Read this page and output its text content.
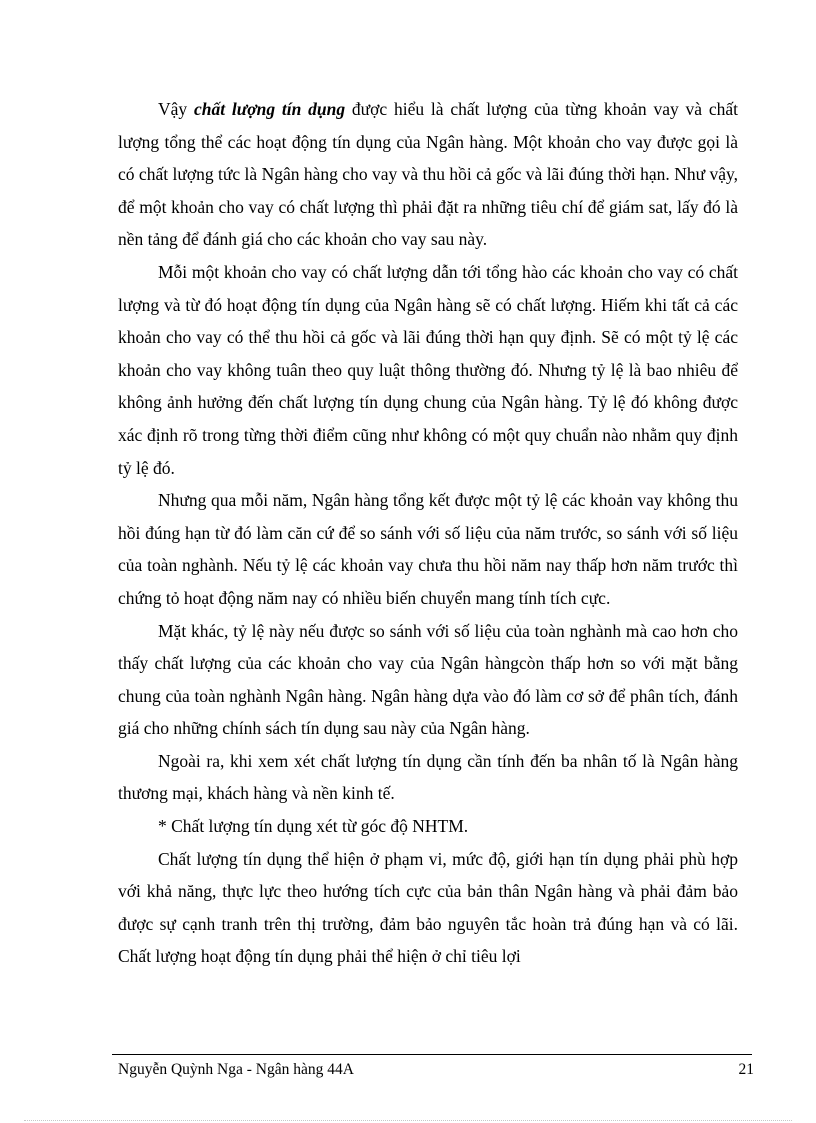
Vậy chất lượng tín dụng được hiểu là chất lượng của từng khoản vay và chất lượng tổng thể các hoạt động tín dụng của Ngân hàng. Một khoản cho vay được gọi là có chất lượng tức là Ngân hàng cho vay và thu hồi cả gốc và lãi đúng thời hạn. Như vậy, để một khoản cho vay có chất lượng thì phải đặt ra những tiêu chí để giám sat, lấy đó là nền tảng để đánh giá cho các khoản cho vay sau này.

Mỗi một khoản cho vay có chất lượng dẫn tới tổng hào các khoản cho vay có chất lượng và từ đó hoạt động tín dụng của Ngân hàng sẽ có chất lượng. Hiếm khi tất cả các khoản cho vay có thể thu hồi cả gốc và lãi đúng thời hạn quy định. Sẽ có một tỷ lệ các khoản cho vay không tuân theo quy luật thông thường đó. Nhưng tỷ lệ là bao nhiêu để không ảnh hưởng đến chất lượng tín dụng chung của Ngân hàng. Tỷ lệ đó không được xác định rõ trong từng thời điểm cũng như không có một quy chuẩn nào nhằm quy định tỷ lệ đó.

Nhưng qua mỗi năm, Ngân hàng tổng kết được một tỷ lệ các khoản vay không thu hồi đúng hạn từ đó làm căn cứ để so sánh với số liệu của năm trước, so sánh với số liệu của toàn nghành. Nếu tỷ lệ các khoản vay chưa thu hồi năm nay thấp hơn năm trước thì chứng tỏ hoạt động năm nay có nhiều biến chuyển mang tính tích cực.

Mặt khác, tỷ lệ này nếu được so sánh với số liệu của toàn nghành mà cao hơn cho thấy chất lượng của các khoản cho vay của Ngân hàngcòn thấp hơn so với mặt bằng chung của toàn nghành Ngân hàng. Ngân hàng dựa vào đó làm cơ sở để phân tích, đánh giá cho những chính sách tín dụng sau này của Ngân hàng.

Ngoài ra, khi xem xét chất lượng tín dụng cần tính đến ba nhân tố là Ngân hàng thương mại, khách hàng và nền kinh tế.

* Chất lượng tín dụng xét từ góc độ NHTM.

Chất lượng tín dụng thể hiện ở phạm vi, mức độ, giới hạn tín dụng phải phù hợp với khả năng, thực lực theo hướng tích cực của bản thân Ngân hàng và phải đảm bảo được sự cạnh tranh trên thị trường, đảm bảo nguyên tắc hoàn trả đúng hạn và có lãi. Chất lượng hoạt động tín dụng phải thể hiện ở chỉ tiêu lợi

Nguyễn Quỳnh Nga - Ngân hàng 44A	21
